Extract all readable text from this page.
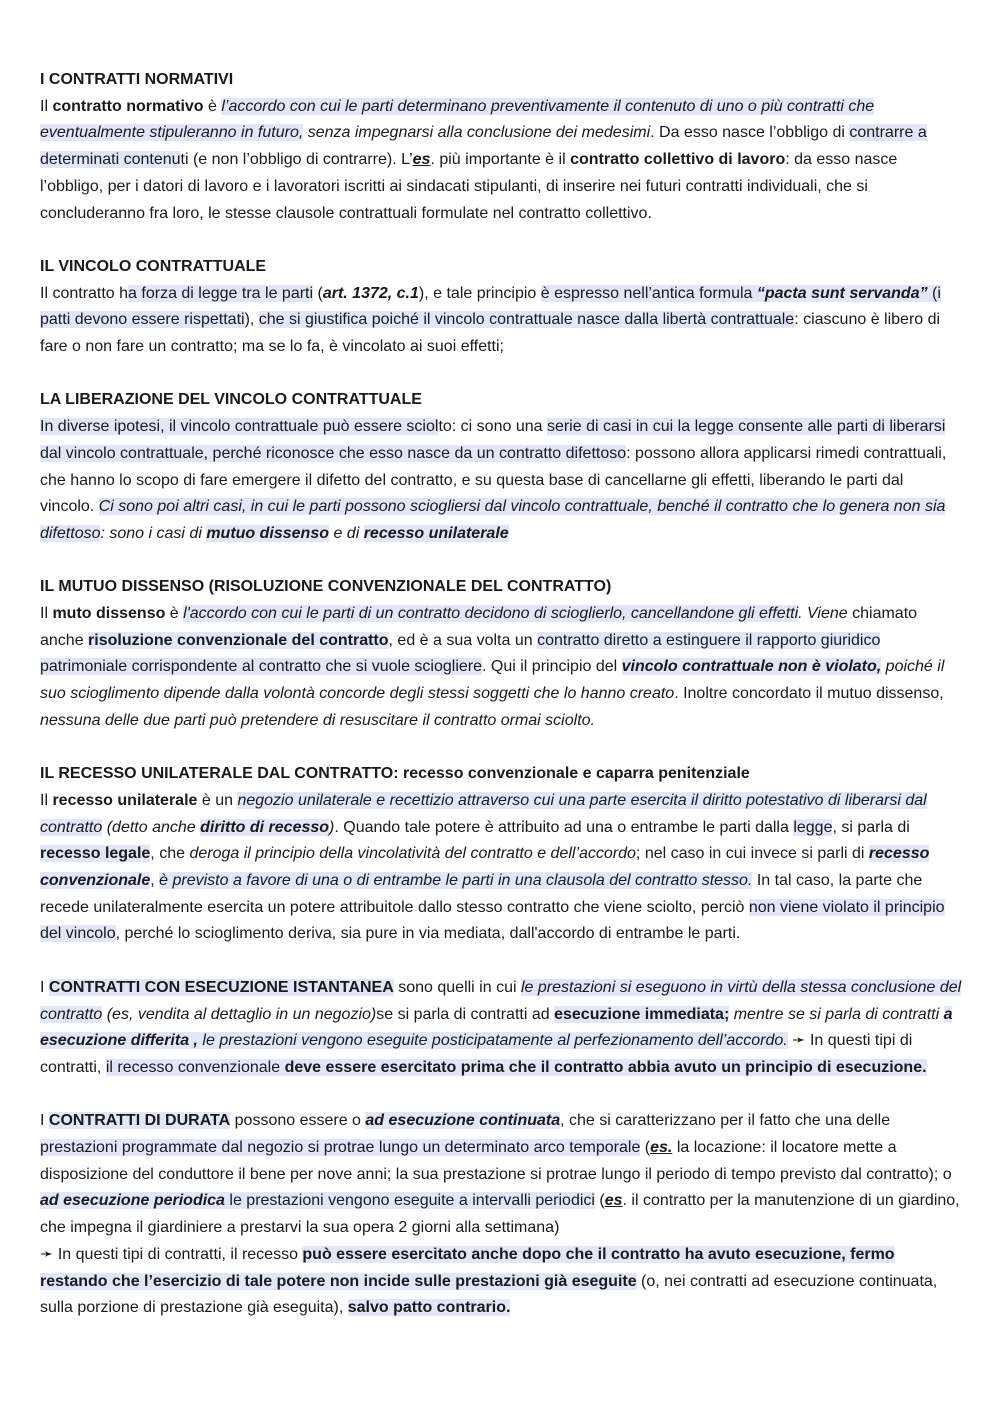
I CONTRATTI NORMATIVI

Il contratto normativo è l’accordo con cui le parti determinano preventivamente il contenuto di uno o più contratti che eventualmente stipuleranno in futuro, senza impegnarsi alla conclusione dei medesimi. Da esso nasce l’obbligo di contrarre a determinati contenuti (e non l’obbligo di contrarre). L’es. più importante è il contratto collettivo di lavoro: da esso nasce l’obbligo, per i datori di lavoro e i lavoratori iscritti ai sindacati stipulanti, di inserire nei futuri contratti individuali, che si concluderanno fra loro, le stesse clausole contrattuali formulate nel contratto collettivo.

IL VINCOLO CONTRATTUALE

Il contratto ha forza di legge tra le parti (art. 1372, c.1), e tale principio è espresso nell’antica formula “pacta sunt servanda” (i patti devono essere rispettati), che si giustifica poiché il vincolo contrattuale nasce dalla libertà contrattuale: ciascuno è libero di fare o non fare un contratto; ma se lo fa, è vincolato ai suoi effetti;

LA LIBERAZIONE DEL VINCOLO CONTRATTUALE

In diverse ipotesi, il vincolo contrattuale può essere sciolto: ci sono una serie di casi in cui la legge consente alle parti di liberarsi dal vincolo contrattuale, perché riconosce che esso nasce da un contratto difettoso: possono allora applicarsi rimedi contrattuali, che hanno lo scopo di fare emergere il difetto del contratto, e su questa base di cancellarne gli effetti, liberando le parti dal vincolo. Ci sono poi altri casi, in cui le parti possono sciogliersi dal vincolo contrattuale, benché il contratto che lo genera non sia difettoso: sono i casi di mutuo dissenso e di recesso unilaterale

IL MUTUO DISSENSO (RISOLUZIONE CONVENZIONALE DEL CONTRATTO)

Il muto dissenso è l'accordo con cui le parti di un contratto decidono di scioglierlo, cancellandone gli effetti. Viene chiamato anche risoluzione convenzionale del contratto, ed è a sua volta un contratto diretto a estinguere il rapporto giuridico patrimoniale corrispondente al contratto che si vuole sciogliere. Qui il principio del vincolo contrattuale non è violato, poiché il suo scioglimento dipende dalla volontà concorde degli stessi soggetti che lo hanno creato. Inoltre concordato il mutuo dissenso, nessuna delle due parti può pretendere di resuscitare il contratto ormai sciolto.

IL RECESSO UNILATERALE DAL CONTRATTO: recesso convenzionale e caparra penitenziale

Il recesso unilaterale è un negozio unilaterale e recettizio attraverso cui una parte esercita il diritto potestativo di liberarsi dal contratto (detto anche diritto di recesso). Quando tale potere è attribuito ad una o entrambe le parti dalla legge, si parla di recesso legale, che deroga il principio della vincolatività del contratto e dell’accordo; nel caso in cui invece si parli di recesso convenzionale, è previsto a favore di una o di entrambe le parti in una clausola del contratto stesso. In tal caso, la parte che recede unilateralmente esercita un potere attribuitole dallo stesso contratto che viene sciolto, perciò non viene violato il principio del vincolo, perché lo scioglimento deriva, sia pure in via mediata, dall'accordo di entrambe le parti.

I CONTRATTI CON ESECUZIONE ISTANTANEA sono quelli in cui le prestazioni si eseguono in virtù della stessa conclusione del contratto (es, vendita al dettaglio in un negozio)se si parla di contratti ad esecuzione immediata; mentre se si parla di contratti a esecuzione differita , le prestazioni vengono eseguite posticipatamente al perfezionamento dell’accordo. ➛ In questi tipi di contratti, il recesso convenzionale deve essere esercitato prima che il contratto abbia avuto un principio di esecuzione.

I CONTRATTI DI DURATA possono essere o ad esecuzione continuata, che si caratterizzano per il fatto che una delle prestazioni programmate dal negozio si protrae lungo un determinato arco temporale (es. la locazione: il locatore mette a disposizione del conduttore il bene per nove anni; la sua prestazione si protrae lungo il periodo di tempo previsto dal contratto); o ad esecuzione periodica le prestazioni vengono eseguite a intervalli periodici (es. il contratto per la manutenzione di un giardino, che impegna il giardiniere a prestarvi la sua opera 2 giorni alla settimana)
➛ In questi tipi di contratti, il recesso può essere esercitato anche dopo che il contratto ha avuto esecuzione, fermo restando che l’esercizio di tale potere non incide sulle prestazioni già eseguite (o, nei contratti ad esecuzione continuata, sulla porzione di prestazione già eseguita), salvo patto contrario.
